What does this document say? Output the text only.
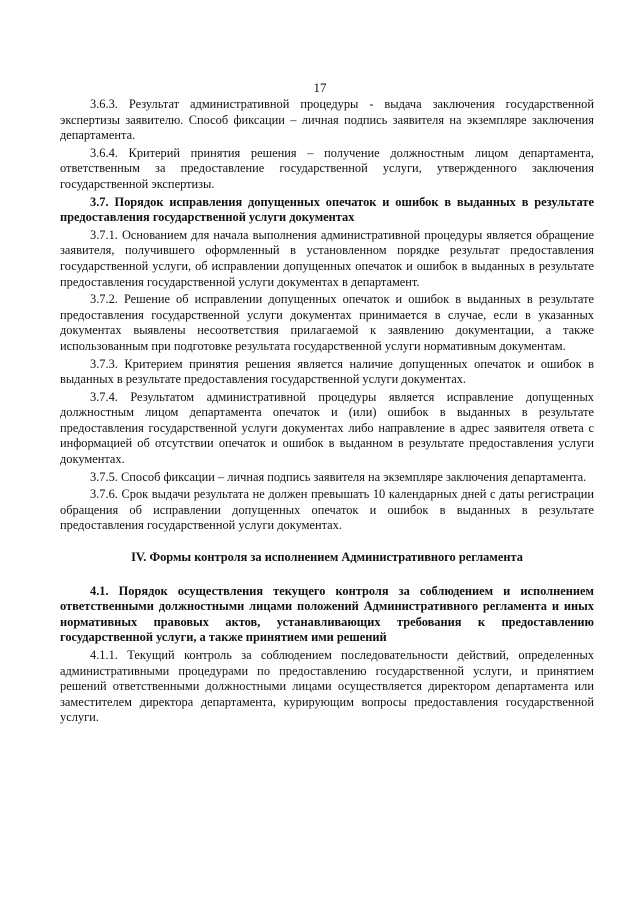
17

3.6.3. Результат административной процедуры - выдача заключения государственной экспертизы заявителю. Способ фиксации – личная подпись заявителя на экземпляре заключения департамента.

3.6.4. Критерий принятия решения – получение должностным лицом департамента, ответственным за предоставление государственной услуги, утвержденного заключения государственной экспертизы.

3.7. Порядок исправления допущенных опечаток и ошибок в выданных в результате предоставления государственной услуги документах

3.7.1. Основанием для начала выполнения административной процедуры является обращение заявителя, получившего оформленный в установленном порядке результат предоставления государственной услуги, об исправлении допущенных опечаток и ошибок в выданных в результате предоставления государственной услуги документах в департамент.

3.7.2. Решение об исправлении допущенных опечаток и ошибок в выданных в результате предоставления государственной услуги документах принимается в случае, если в указанных документах выявлены несоответствия прилагаемой к заявлению документации, а также использованным при подготовке результата государственной услуги нормативным документам.

3.7.3. Критерием принятия решения является наличие допущенных опечаток и ошибок в выданных в результате предоставления государственной услуги документах.

3.7.4. Результатом административной процедуры является исправление допущенных должностным лицом департамента опечаток и (или) ошибок в выданных в результате предоставления государственной услуги документах либо направление в адрес заявителя ответа с информацией об отсутствии опечаток и ошибок в выданном в результате предоставления услуги документах.

3.7.5. Способ фиксации – личная подпись заявителя на экземпляре заключения департамента.

3.7.6. Срок выдачи результата не должен превышать 10 календарных дней с даты регистрации обращения об исправлении допущенных опечаток и ошибок в выданных в результате предоставления государственной услуги документах.

IV. Формы контроля за исполнением Административного регламента

4.1. Порядок осуществления текущего контроля за соблюдением и исполнением ответственными должностными лицами положений Административного регламента и иных нормативных правовых актов, устанавливающих требования к предоставлению государственной услуги, а также принятием ими решений

4.1.1. Текущий контроль за соблюдением последовательности действий, определенных административными процедурами по предоставлению государственной услуги, и принятием решений ответственными должностными лицами осуществляется директором департамента или заместителем директора департамента, курирующим вопросы предоставления государственной услуги.
